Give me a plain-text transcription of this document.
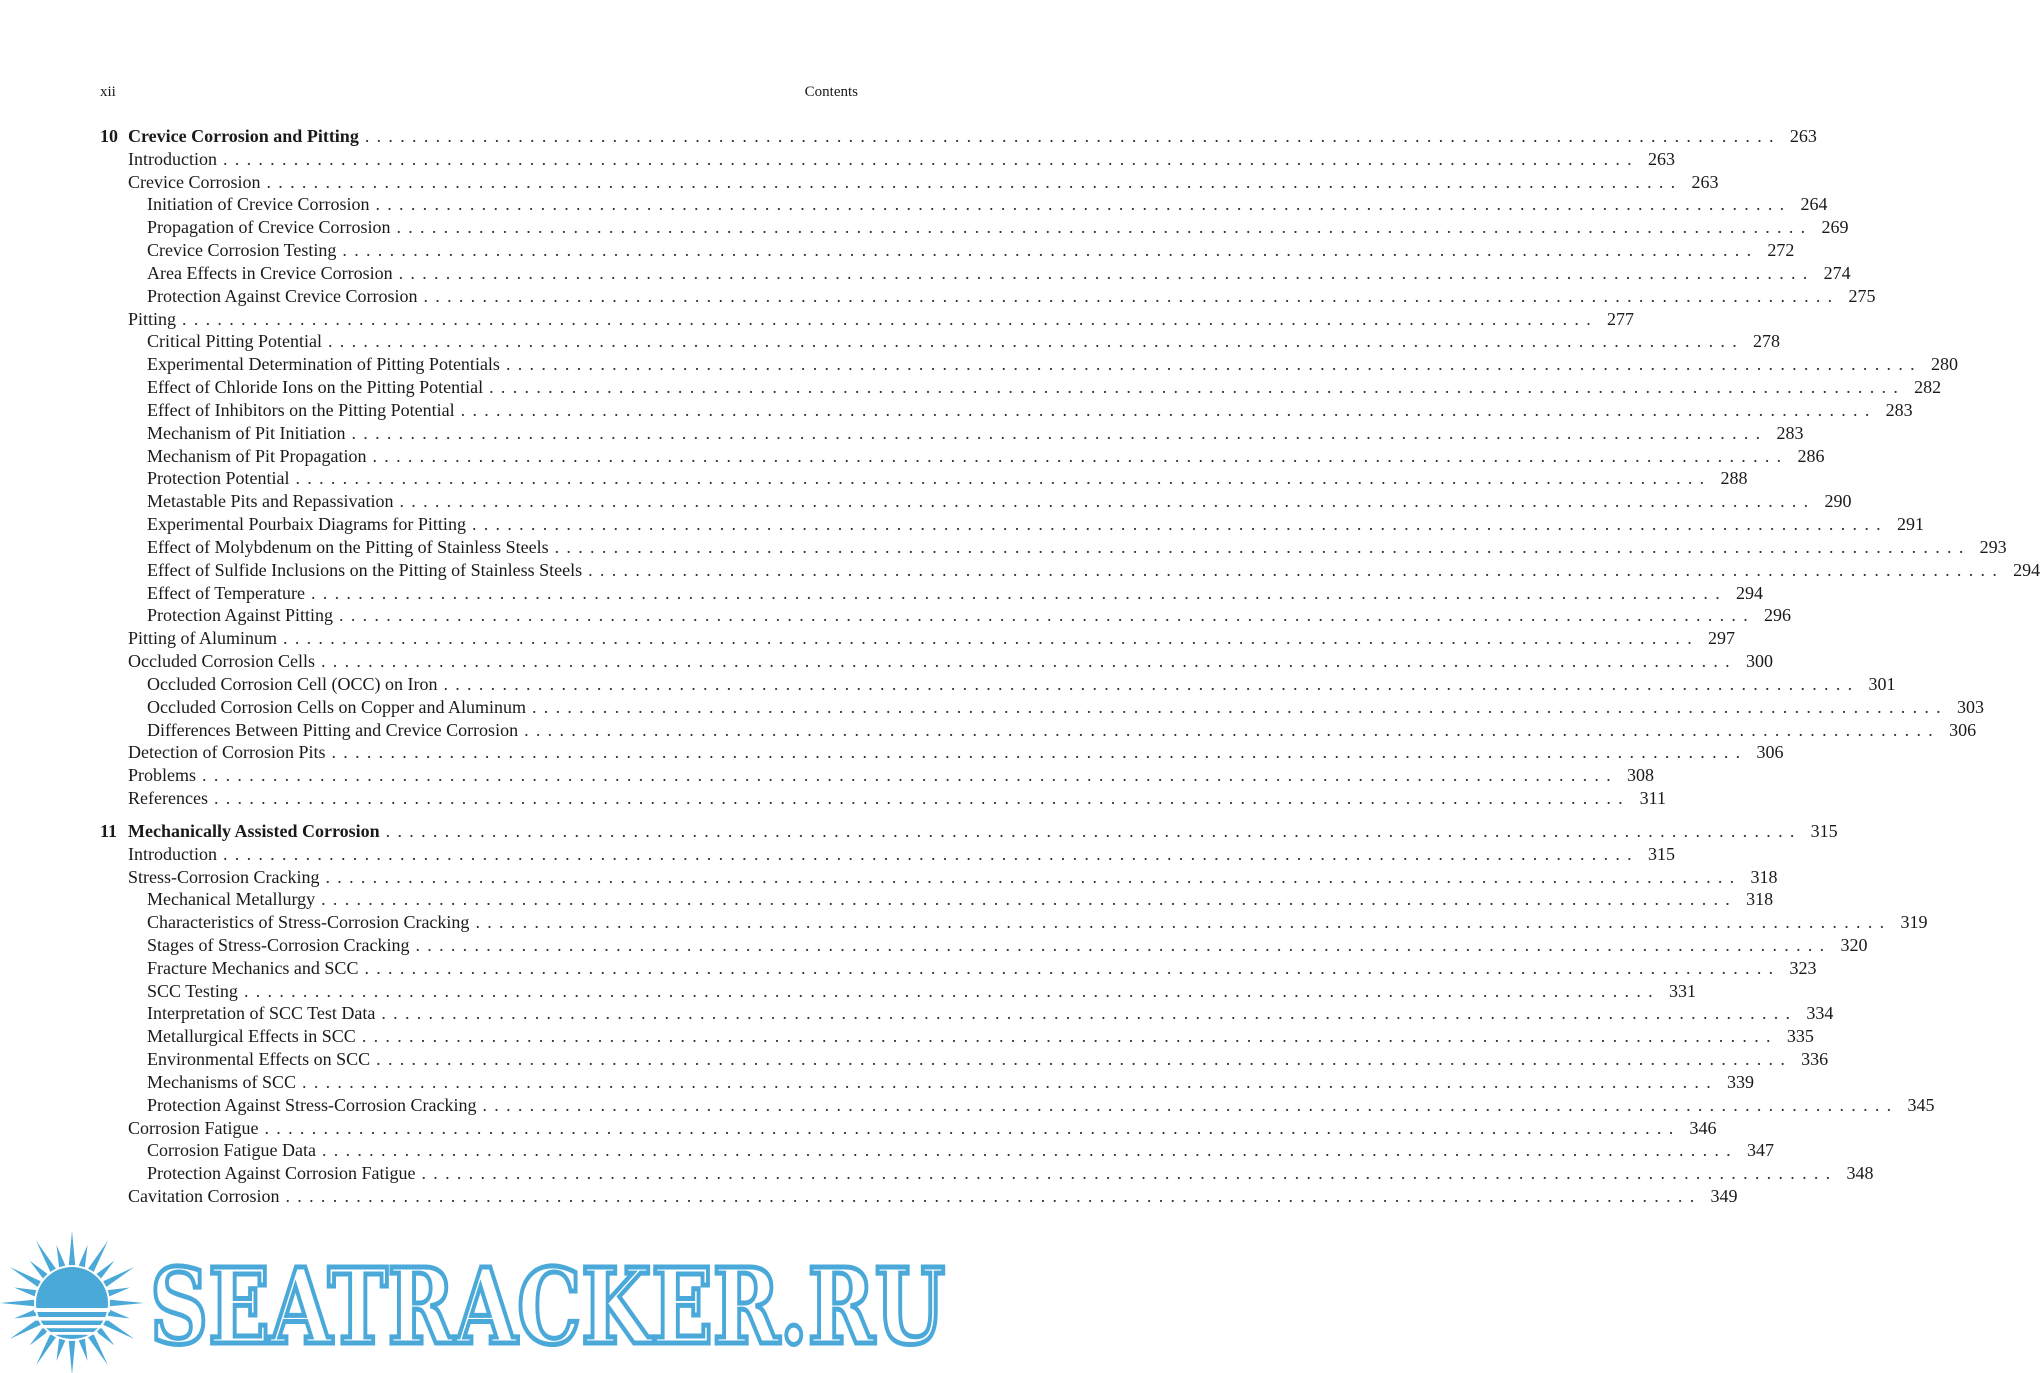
xii	Contents
10 Crevice Corrosion and Pitting ........................................................................................................................ 263
Introduction ........................................................................................................................ 263
Crevice Corrosion ........................................................................................................................ 263
Initiation of Crevice Corrosion ........................................................................................................................ 264
Propagation of Crevice Corrosion ........................................................................................................................ 269
Crevice Corrosion Testing ........................................................................................................................ 272
Area Effects in Crevice Corrosion ........................................................................................................................ 274
Protection Against Crevice Corrosion ........................................................................................................................ 275
Pitting ........................................................................................................................ 277
Critical Pitting Potential ........................................................................................................................ 278
Experimental Determination of Pitting Potentials ........................................................................................................................ 280
Effect of Chloride Ions on the Pitting Potential ........................................................................................................................ 282
Effect of Inhibitors on the Pitting Potential ........................................................................................................................ 283
Mechanism of Pit Initiation ........................................................................................................................ 283
Mechanism of Pit Propagation ........................................................................................................................ 286
Protection Potential ........................................................................................................................ 288
Metastable Pits and Repassivation ........................................................................................................................ 290
Experimental Pourbaix Diagrams for Pitting ........................................................................................................................ 291
Effect of Molybdenum on the Pitting of Stainless Steels ........................................................................................................................ 293
Effect of Sulfide Inclusions on the Pitting of Stainless Steels ........................................................................................................................ 294
Effect of Temperature ........................................................................................................................ 294
Protection Against Pitting ........................................................................................................................ 296
Pitting of Aluminum ........................................................................................................................ 297
Occluded Corrosion Cells ........................................................................................................................ 300
Occluded Corrosion Cell (OCC) on Iron ........................................................................................................................ 301
Occluded Corrosion Cells on Copper and Aluminum ........................................................................................................................ 303
Differences Between Pitting and Crevice Corrosion ........................................................................................................................ 306
Detection of Corrosion Pits ........................................................................................................................ 306
Problems ........................................................................................................................ 308
References ........................................................................................................................ 311
11 Mechanically Assisted Corrosion ........................................................................................................................ 315
Introduction ........................................................................................................................ 315
Stress-Corrosion Cracking ........................................................................................................................ 318
Mechanical Metallurgy ........................................................................................................................ 318
Characteristics of Stress-Corrosion Cracking ........................................................................................................................ 319
Stages of Stress-Corrosion Cracking ........................................................................................................................ 320
Fracture Mechanics and SCC ........................................................................................................................ 323
SCC Testing ........................................................................................................................ 331
Interpretation of SCC Test Data ........................................................................................................................ 334
Metallurgical Effects in SCC ........................................................................................................................ 335
Environmental Effects on SCC ........................................................................................................................ 336
Mechanisms of SCC ........................................................................................................................ 339
Protection Against Stress-Corrosion Cracking ........................................................................................................................ 345
Corrosion Fatigue ........................................................................................................................ 346
Corrosion Fatigue Data ........................................................................................................................ 347
Protection Against Corrosion Fatigue ........................................................................................................................ 348
Cavitation Corrosion ........................................................................................................................ 349
SEATRACKER.RU
